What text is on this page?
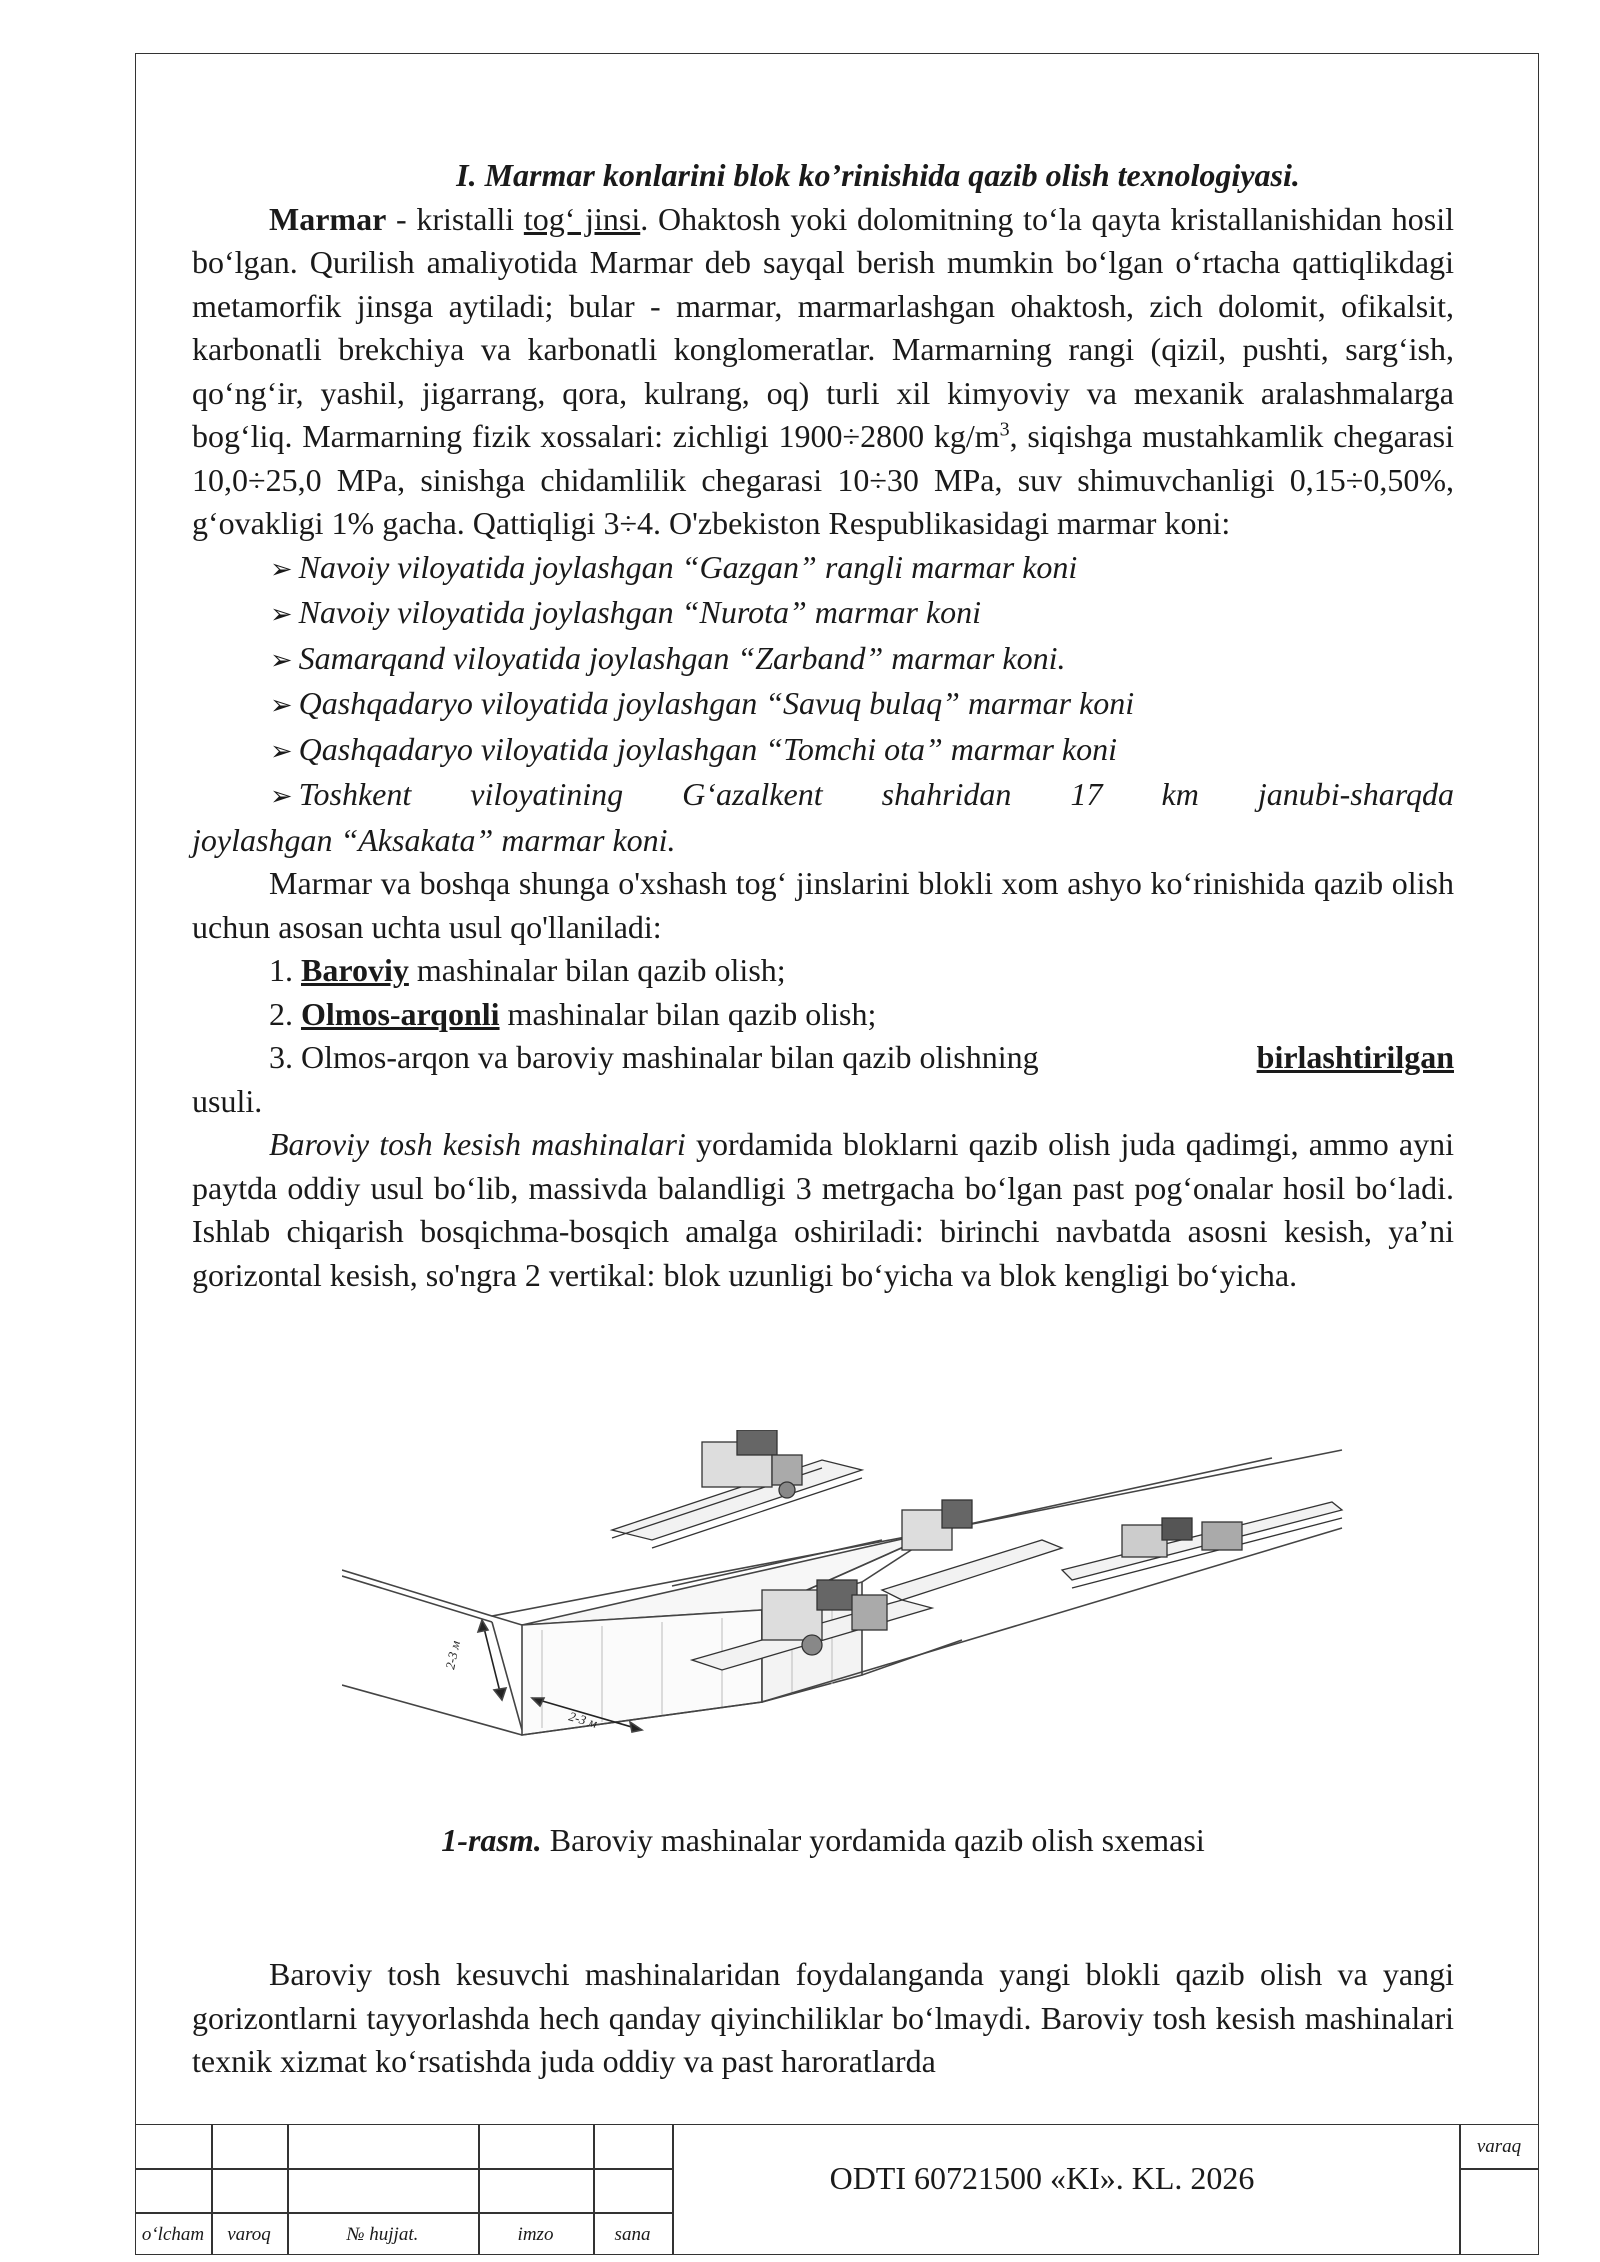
I. Marmar konlarini blok ko’rinishida qazib olish texnologiyasi.

Marmar - kristalli tog‘ jinsi. Ohaktosh yoki dolomitning to‘la qayta kristallanishidan hosil bo‘lgan. Qurilish amaliyotida Marmar deb sayqal berish mumkin bo‘lgan o‘rtacha qattiqlikdagi metamorfik jinsga aytiladi; bular - marmar, marmarlashgan ohaktosh, zich dolomit, ofikalsit, karbonatli brekchiya va karbonatli konglomeratlar. Marmarning rangi (qizil, pushti, sarg‘ish, qo‘ng‘ir, yashil, jigarrang, qora, kulrang, oq) turli xil kimyoviy va mexanik aralashmalarga bog‘liq. Marmarning fizik xossalari: zichligi 1900÷2800 $kg/m^3$, siqishga mustahkamlik chegarasi 10,0÷25,0 MPa, sinishga chidamlilik chegarasi 10÷30 MPa, suv shimuvchanligi 0,15÷0,50%, g‘ovakligi 1% gacha. Qattiqligi 3÷4. O'zbekiston Respublikasidagi marmar koni:

➢ Navoiy viloyatida joylashgan “Gazgan” rangli marmar koni

➢ Navoiy viloyatida joylashgan “Nurota” marmar koni

➢ Samarqand viloyatida joylashgan “Zarband” marmar koni.

➢ Qashqadaryo viloyatida joylashgan “Savuq bulaq” marmar koni

➢ Qashqadaryo viloyatida joylashgan “Tomchi ota” marmar koni

➢ Toshkent viloyatining G‘azalkent shahridan 17 km janubi-sharqda

joylashgan “Aksakata” marmar koni.

Marmar va boshqa shunga o'xshash tog‘ jinslarini blokli xom ashyo ko‘rinishida qazib olish uchun asosan uchta usul qo'llaniladi:

1. Baroviy mashinalar bilan qazib olish;

2. Olmos-arqonli mashinalar bilan qazib olish;

3. Olmos-arqon va baroviy mashinalar bilan qazib olishning	birlashtirilgan

usuli.

Baroviy tosh kesish mashinalari yordamida bloklarni qazib olish juda qadimgi, ammo ayni paytda oddiy usul bo‘lib, massivda balandligi 3 metrgacha bo‘lgan past pog‘onalar hosil bo‘ladi. Ishlab chiqarish bosqichma-bosqich amalga oshiriladi: birinchi navbatda asosni kesish, ya’ni gorizontal kesish, so'ngra 2 vertikal: blok uzunligi bo‘yicha va blok kengligi bo‘yicha.

2-3 м
2-3 м

1-rasm. Baroviy mashinalar yordamida qazib olish sxemasi

Baroviy tosh kesuvchi mashinalaridan foydalanganda yangi blokli qazib olish va yangi gorizontlarni tayyorlashda hech qanday qiyinchiliklar bo‘lmaydi. Baroviy tosh kesish mashinalari texnik xizmat ko‘rsatishda juda oddiy va past haroratlarda

o‘lcham	varoq	№ hujjat.	imzo	sana
ODTI 60721500 «KI». KL. 2026
varaq
